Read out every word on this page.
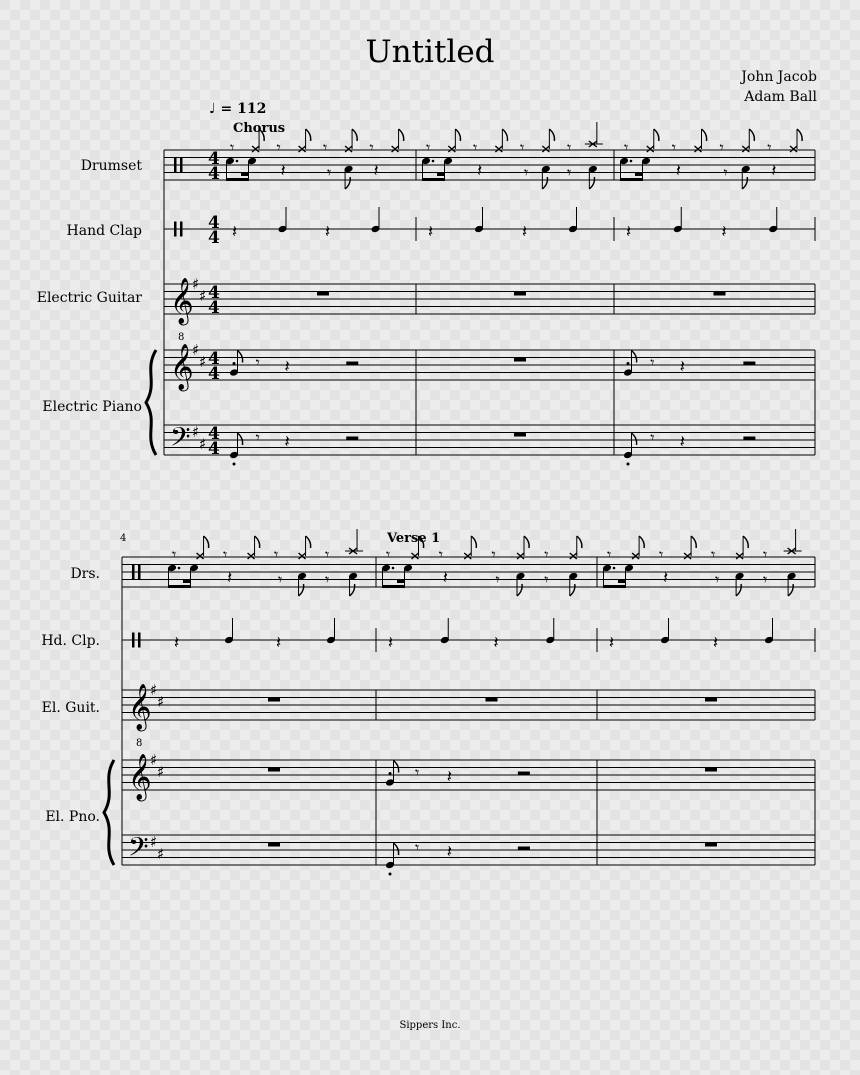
Untitled
John Jacob
Adam Ball
♩ = 112
Chorus
Drumset
Hand Clap
Electric Guitar
Electric Piano
4	Verse 1
Drs.
Hd. Clp.
El. Guit.
El. Pno.
Sippers Inc.
𝄞
8
𝄞
𝄢
♯
♯
♯
♯
♯
♯
4
4
4
4
4
4
4
4
4
4
𝄾	𝄾	𝄾	𝄾
𝄽	𝄾 𝄽
𝄽	𝄽
𝄾 𝄽
𝄾 𝄽
𝄾	𝄾	𝄾	𝄾
𝄽	𝄾 𝄾
𝄽	𝄽
𝄾	𝄾	𝄾	𝄾
𝄽	𝄾	𝄽
𝄽	𝄽
𝄾 𝄽
𝄾 𝄽
𝄞
8
𝄞
𝄢
♯
♯
♯
♯
♯
♯
𝄾	𝄾	𝄾	𝄾
𝄽	𝄾	𝄾
𝄽	𝄽
𝄾	𝄾	𝄾	𝄾
𝄽	𝄾	𝄾
𝄽	𝄽
𝄾 𝄽
𝄾 𝄽
𝄾	𝄾	𝄾	𝄾
𝄽	𝄾	𝄾
𝄽	𝄽
